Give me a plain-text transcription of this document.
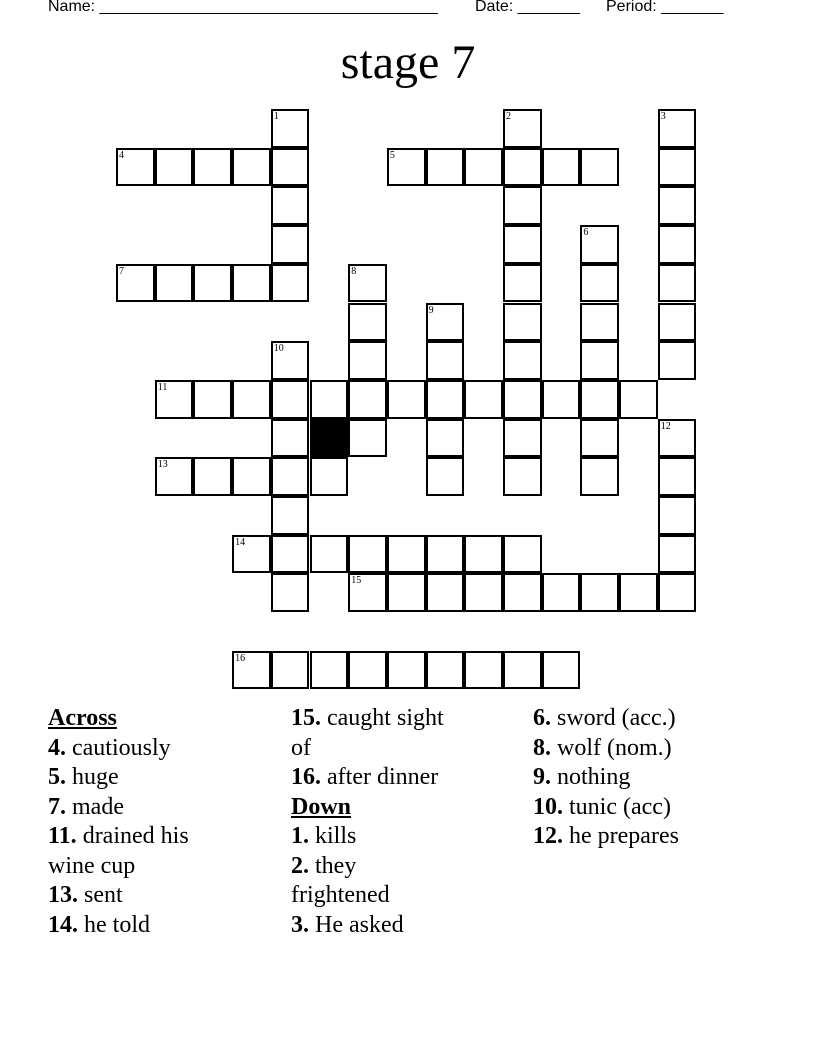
Name: ______________________________________

Date: _______

Period: _______

stage 7
1	2	3
4	5
6
7	8
9
10
11
12
13
14
15
16
Across
4. cautiously
5. huge
7. made
11. drained his
wine cup
13. sent
14. he told
15. caught sight
of
16. after dinner
Down
1. kills
2. they
frightened
3. He asked
6. sword (acc.)
8. wolf (nom.)
9. nothing
10. tunic (acc)
12. he prepares
